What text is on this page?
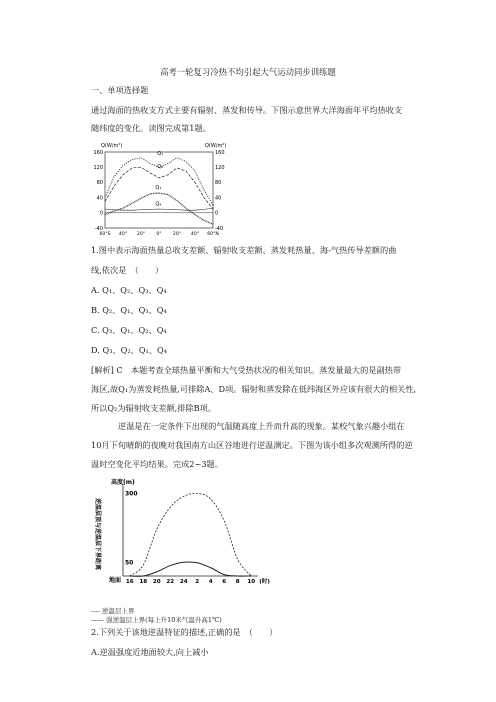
高考一轮复习冷热不均引起大气运动同步训练题
一、单项选择题
通过海面的热收支方式主要有辐射、蒸发和传导。下图示意世界大洋海面年平均热收支
随纬度的变化。读图完成第1题。
Q(W/m²)	Q(W/m²)
160	160
120	120
80	80
40	40
0	0
-40	-40
60°S 40° 20° 0° 20° 40° 60°N
Q₁
Q₂
Q₃
Q₄
1.图中表示海面热量总收支差额、辐射收支差额、蒸发耗热量、海-气热传导差额的曲
线,依次是　（　　）
A. Q₁、Q₂、Q₃、Q₄
B. Q₂、Q₁、Q₃、Q₄
C. Q₃、Q₁、Q₂、Q₄
D. Q₃、Q₂、Q₁、Q₄
[解析] C　本题考查全球热量平衡和大气受热状况的相关知识。蒸发量最大的是副热带
海区,故Q₁为蒸发耗热量,可排除A、D项。辐射和蒸发除在低纬海区外应该有很大的相关性,
所以Q₂为辐射收支差额,排除B项。
逆温是在一定条件下出现的气温随高度上升而升高的现象。某校气象兴趣小组在
10月下旬晴朗的夜晚对我国南方山区谷地进行逆温测定。下图为该小组多次观测所得的逆
温时空变化平均结果。完成2~3题。
高度(m)
逆温层顶与逆温层下界距离
地面
300
50
16 18 20 22 24 2 4 6 8 10 (时)
---- 逆温层上界
—— 强逆温层上界(每上升10米气温升高1℃)
2.下列关于该地逆温特征的描述,正确的是　（　　）
A.逆温强度近地面较大,向上减小
